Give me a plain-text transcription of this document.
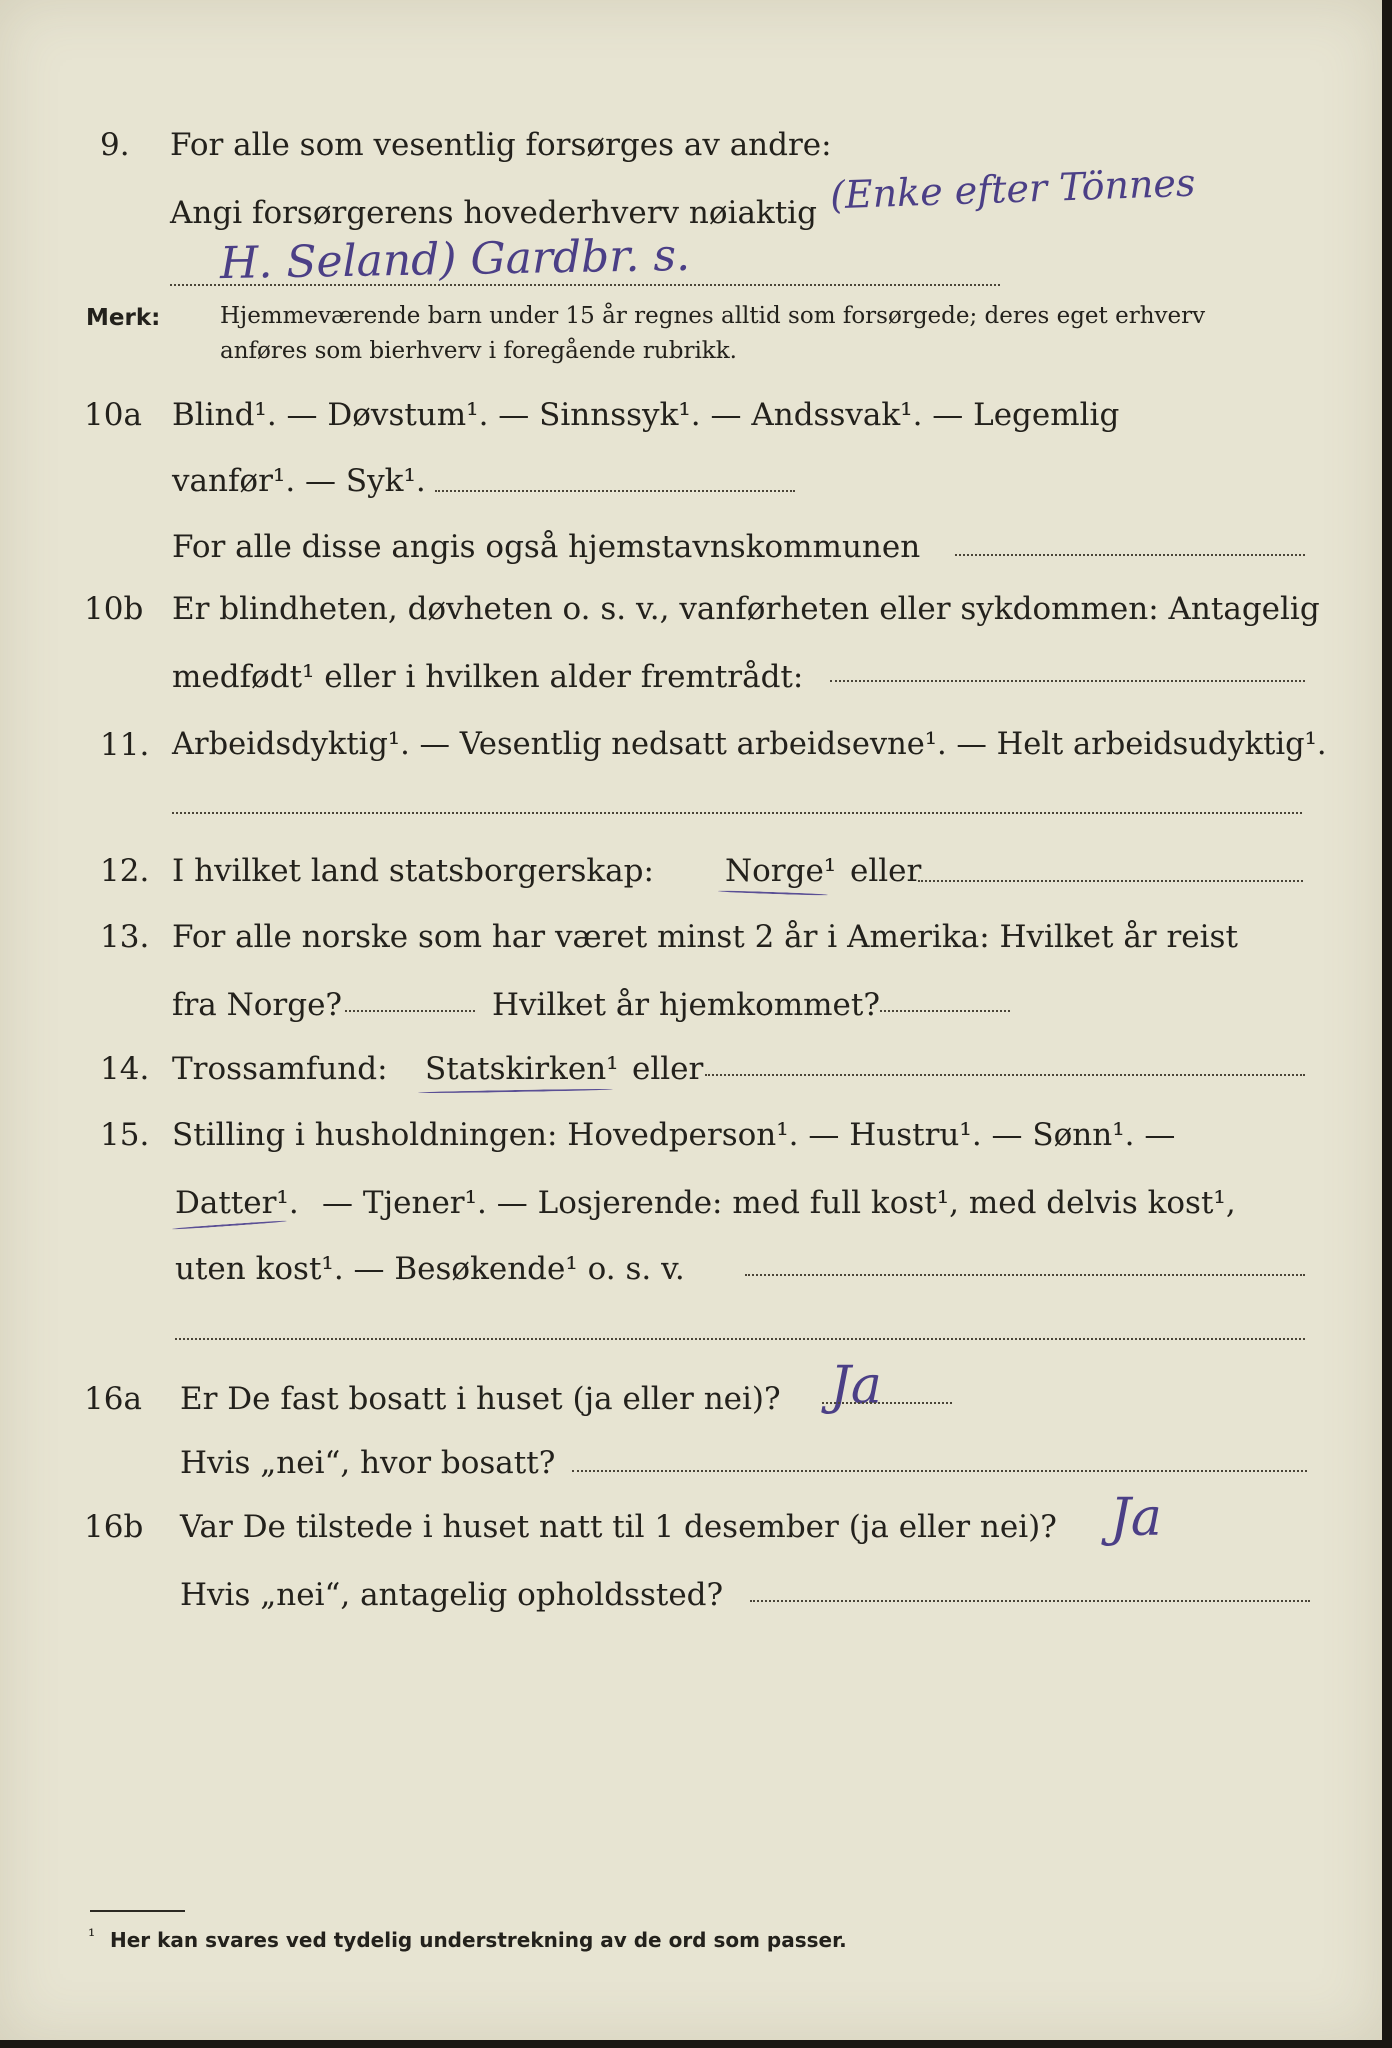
9. For alle som vesentlig forsørges av andre:
Angi forsørgerens hovederhverv nøiaktig (Enke efter Tönnes
H. Seland) Gardbr. s.
Merk:	Hjemmeværende barn under 15 år regnes alltid som forsørgede; deres eget erhverv
anføres som bierhverv i foregående rubrikk.
10a Blind¹. — Døvstum¹. — Sinnssyk¹. — Andssvak¹. — Legemlig
vanfør¹. — Syk¹.
For alle disse angis også hjemstavnskommunen
10b Er blindheten, døvheten o. s. v., vanførheten eller sykdommen: Antagelig
medfødt¹ eller i hvilken alder fremtrådt:
11. Arbeidsdyktig¹. — Vesentlig nedsatt arbeidsevne¹. — Helt arbeidsudyktig¹.
12. I hvilket land statsborgerskap: Norge¹ eller
13. For alle norske som har været minst 2 år i Amerika: Hvilket år reist
fra Norge?	Hvilket år hjemkommet?
14. Trossamfund: Statskirken¹ eller
15. Stilling i husholdningen: Hovedperson¹. — Hustru¹. — Sønn¹. —
Datter¹. — Tjener¹. — Losjerende: med full kost¹, med delvis kost¹,
uten kost¹. — Besøkende¹ o. s. v.
16a Er De fast bosatt i huset (ja eller nei)? Ja
Hvis „nei“, hvor bosatt?
16b Var De tilstede i huset natt til 1 desember (ja eller nei)? Ja
Hvis „nei“, antagelig opholdssted?
¹ Her kan svares ved tydelig understrekning av de ord som passer.
